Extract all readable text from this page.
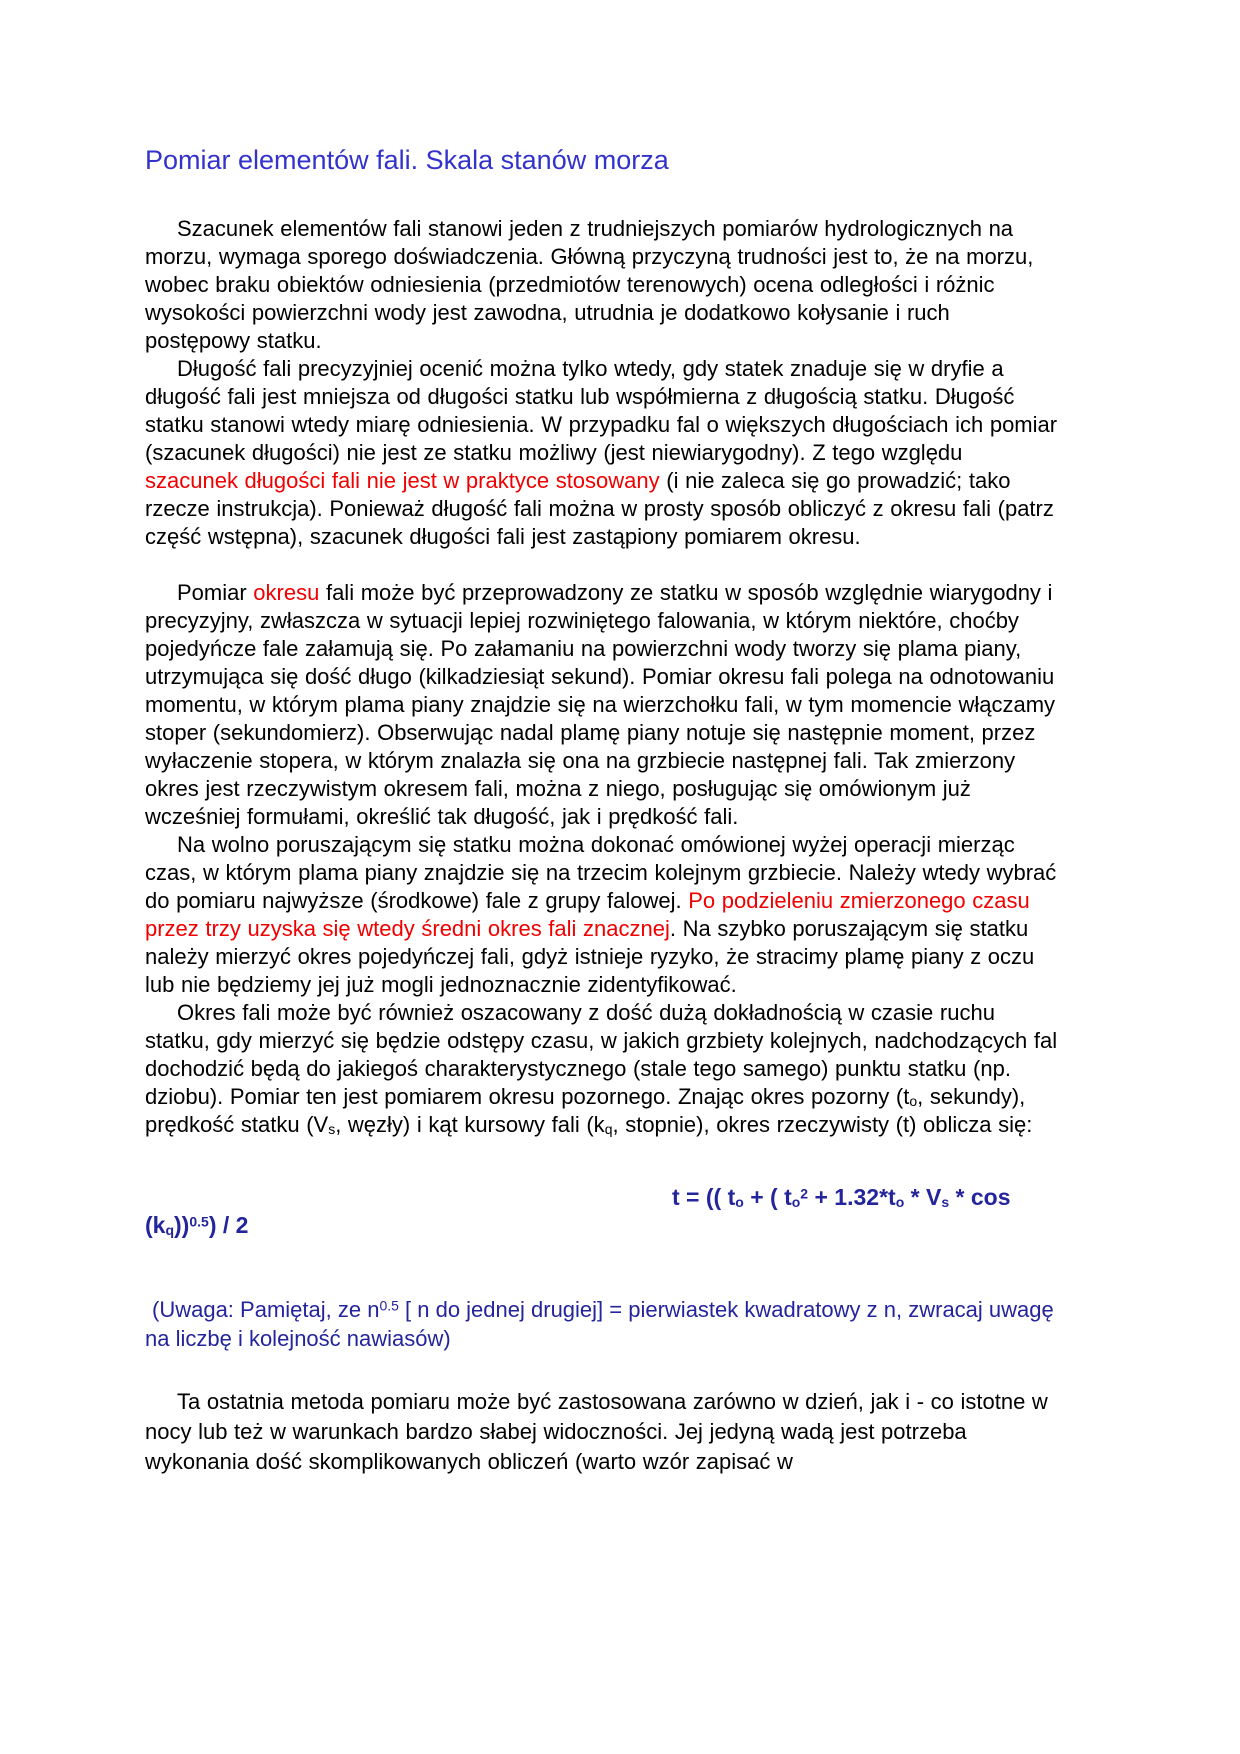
Pomiar elementów fali. Skala stanów morza

Szacunek elementów fali stanowi jeden z trudniejszych pomiarów hydrologicznych na morzu, wymaga sporego doświadczenia. Główną przyczyną trudności jest to, że na morzu, wobec braku obiektów odniesienia (przedmiotów terenowych) ocena odległości i różnic wysokości powierzchni wody jest zawodna, utrudnia je dodatkowo kołysanie i ruch postępowy statku.

Długość fali precyzyjniej ocenić można tylko wtedy, gdy statek znaduje się w dryfie a długość fali jest mniejsza od długości statku lub współmierna z długością statku. Długość statku stanowi wtedy miarę odniesienia. W przypadku fal o większych długościach ich pomiar (szacunek długości) nie jest ze statku możliwy (jest niewiarygodny). Z tego względu szacunek długości fali nie jest w praktyce stosowany (i nie zaleca się go prowadzić; tako rzecze instrukcja). Ponieważ długość fali można w prosty sposób obliczyć z okresu fali (patrz część wstępna), szacunek długości fali jest zastąpiony pomiarem okresu.

Pomiar okresu fali może być przeprowadzony ze statku w sposób względnie wiarygodny i precyzyjny, zwłaszcza w sytuacji lepiej rozwiniętego falowania, w którym niektóre, choćby pojedyńcze fale załamują się. Po załamaniu na powierzchni wody tworzy się plama piany, utrzymująca się dość długo (kilkadziesiąt sekund). Pomiar okresu fali polega na odnotowaniu momentu, w którym plama piany znajdzie się na wierzchołku fali, w tym momencie włączamy stoper (sekundomierz). Obserwując nadal plamę piany notuje się następnie moment, przez wyłaczenie stopera, w którym znalazła się ona na grzbiecie następnej fali. Tak zmierzony okres jest rzeczywistym okresem fali, można z niego, posługując się omówionym już wcześniej formułami, określić tak długość, jak i prędkość fali.

Na wolno poruszającym się statku można dokonać omówionej wyżej operacji mierząc czas, w którym plama piany znajdzie się na trzecim kolejnym grzbiecie. Należy wtedy wybrać do pomiaru najwyższe (środkowe) fale z grupy falowej. Po podzieleniu zmierzonego czasu przez trzy uzyska się wtedy średni okres fali znacznej. Na szybko poruszającym się statku należy mierzyć okres pojedyńczej fali, gdyż istnieje ryzyko, że stracimy plamę piany z oczu lub nie będziemy jej już mogli jednoznacznie zidentyfikować.

Okres fali może być również oszacowany z dość dużą dokładnością w czasie ruchu statku, gdy mierzyć się będzie odstępy czasu, w jakich grzbiety kolejnych, nadchodzących fal dochodzić będą do jakiegoś charakterystycznego (stale tego samego) punktu statku (np. dziobu). Pomiar ten jest pomiarem okresu pozornego. Znając okres pozorny ($t_o$, sekundy), prędkość statku ($V_s$, węzły) i kąt kursowy fali ($k_q$, stopnie), okres rzeczywisty (t) oblicza się:

t = (( $t_o$ + ( $t_o^2 + 1.32*t_o * V_s * \cos$
$(k_q))^{0.5}) / 2$

(Uwaga: Pamiętaj, ze $n^{0.5}$ [ n do jednej drugiej] = pierwiastek kwadratowy z n, zwracaj uwagę na liczbę i kolejność nawiasów)

Ta ostatnia metoda pomiaru może być zastosowana zarówno w dzień, jak i - co istotne w nocy lub też w warunkach bardzo słabej widoczności. Jej jedyną wadą jest potrzeba wykonania dość skomplikowanych obliczeń (warto wzór zapisać w
